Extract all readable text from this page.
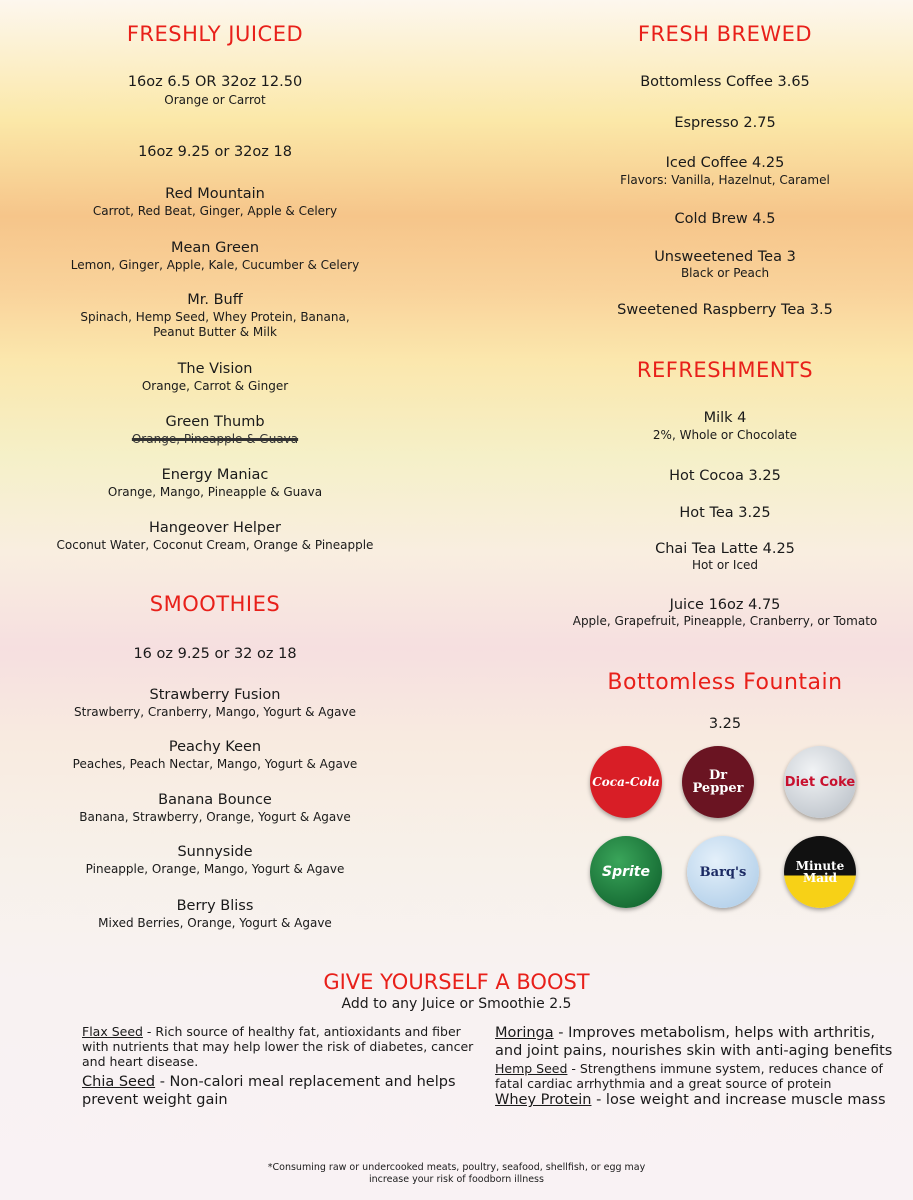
FRESHLY JUICED
16oz 6.5 OR 32oz 12.50
Orange or Carrot
16oz 9.25 or 32oz 18
Red Mountain
Carrot, Red Beat, Ginger, Apple & Celery
Mean Green
Lemon, Ginger, Apple, Kale, Cucumber & Celery
Mr. Buff
Spinach, Hemp Seed, Whey Protein, Banana,
Peanut Butter & Milk
The Vision
Orange, Carrot & Ginger
Green Thumb
Orange, Pineapple & Guava
Energy Maniac
Orange, Mango, Pineapple & Guava
Hangeover Helper
Coconut Water, Coconut Cream, Orange & Pineapple
SMOOTHIES
16 oz 9.25 or 32 oz 18
Strawberry Fusion
Strawberry, Cranberry, Mango, Yogurt & Agave
Peachy Keen
Peaches, Peach Nectar, Mango, Yogurt & Agave
Banana Bounce
Banana, Strawberry, Orange, Yogurt & Agave
Sunnyside
Pineapple, Orange, Mango, Yogurt & Agave
Berry Bliss
Mixed Berries, Orange, Yogurt & Agave
FRESH BREWED
Bottomless Coffee 3.65
Espresso 2.75
Iced Coffee 4.25
Flavors: Vanilla, Hazelnut, Caramel
Cold Brew 4.5
Unsweetened Tea 3
Black or Peach
Sweetened Raspberry Tea 3.5
REFRESHMENTS
Milk 4
2%, Whole or Chocolate
Hot Cocoa 3.25
Hot Tea 3.25
Chai Tea Latte 4.25
Hot or Iced
Juice 16oz 4.75
Apple, Grapefruit, Pineapple, Cranberry, or Tomato
Bottomless Fountain
3.25
Coca-Cola	Dr Pepper	Diet Coke
Sprite	Barq's	Minute Maid
GIVE YOURSELF A BOOST
Add to any Juice or Smoothie 2.5
Flax Seed - Rich source of healthy fat, antioxidants and fiber
with nutrients that may help lower the risk of diabetes, cancer
and heart disease.
Chia Seed - Non-calori meal replacement and helps
prevent weight gain
Moringa - Improves metabolism, helps with arthritis,
and joint pains, nourishes skin with anti-aging benefits
Hemp Seed - Strengthens immune system, reduces chance of
fatal cardiac arrhythmia and a great source of protein
Whey Protein - lose weight and increase muscle mass
*Consuming raw or undercooked meats, poultry, seafood, shellfish, or egg may
increase your risk of foodborn illness
